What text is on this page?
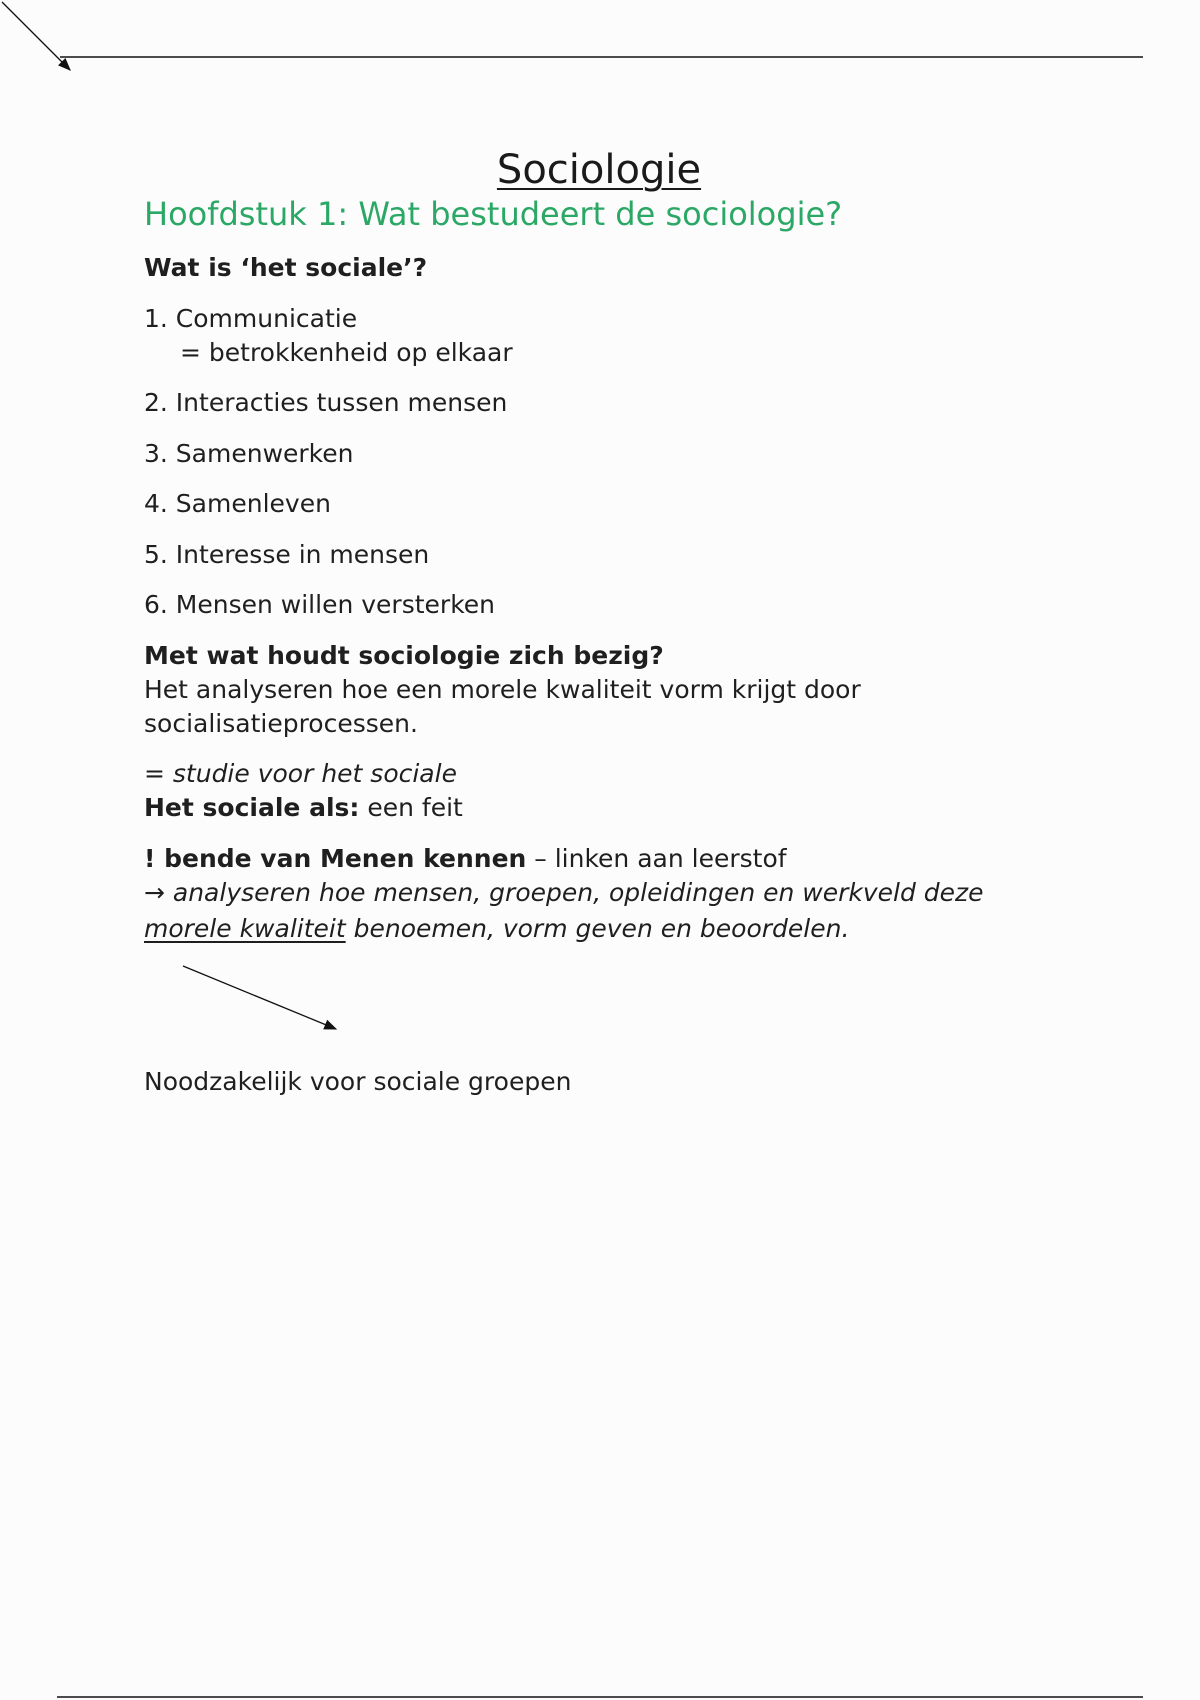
Sociologie
Hoofdstuk 1: Wat bestudeert de sociologie?
Wat is ‘het sociale’?
1. Communicatie
= betrokkenheid op elkaar
2. Interacties tussen mensen
3. Samenwerken
4. Samenleven
5. Interesse in mensen
6. Mensen willen versterken
Met wat houdt sociologie zich bezig?
Het analyseren hoe een morele kwaliteit vorm krijgt door
socialisatieprocessen.
= studie voor het sociale
Het sociale als: een feit
! bende van Menen kennen – linken aan leerstof
→ analyseren hoe mensen, groepen, opleidingen en werkveld deze
morele kwaliteit benoemen, vorm geven en beoordelen.
Noodzakelijk voor sociale groepen
